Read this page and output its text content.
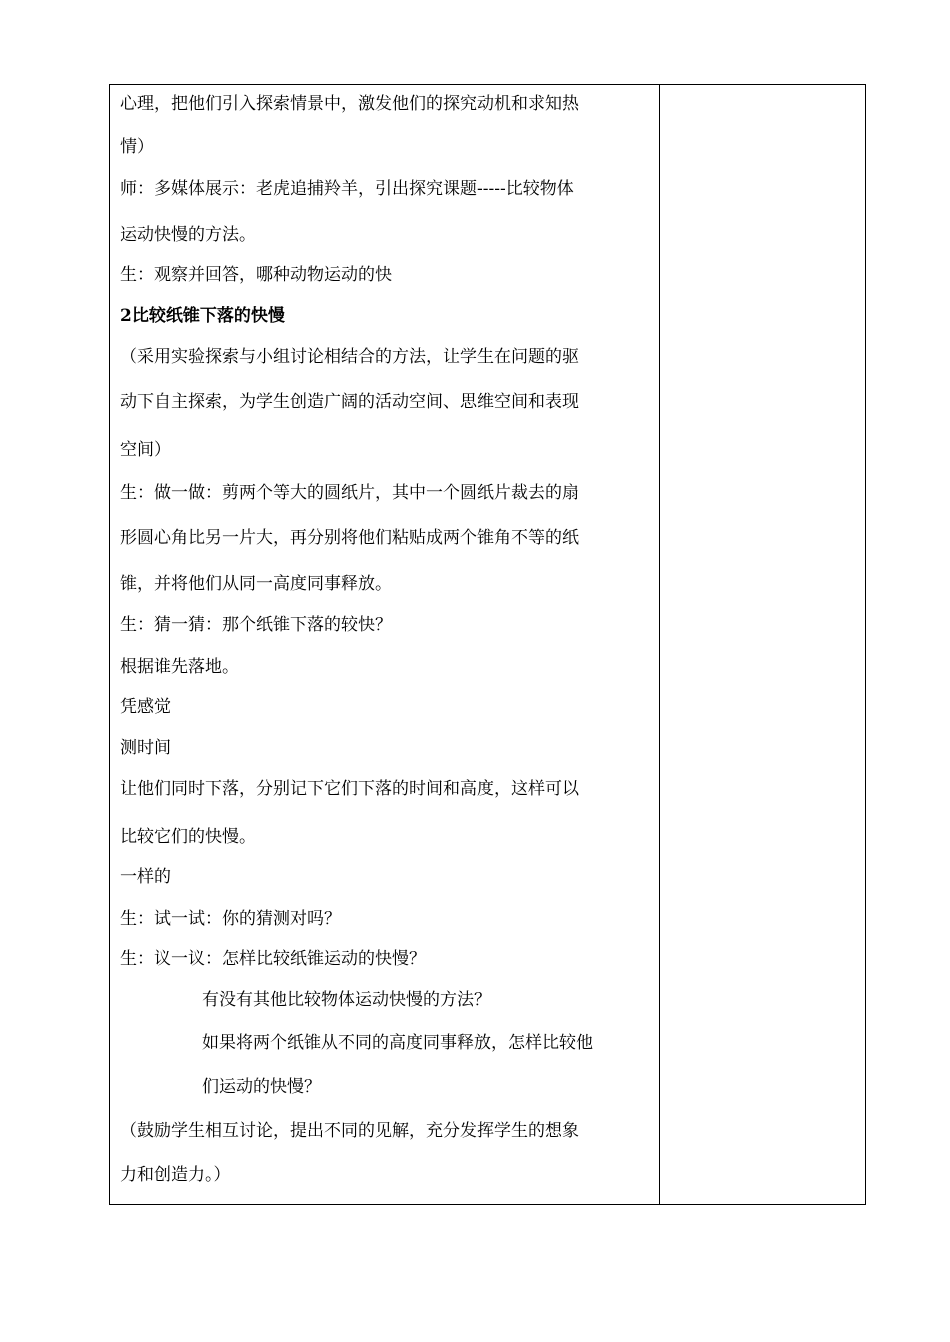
心理，把他们引入探索情景中，激发他们的探究动机和求知热
情）
师：多媒体展示：老虎追捕羚羊，引出探究课题-----比较物体
运动快慢的方法。
生：观察并回答，哪种动物运动的快
2比较纸锥下落的快慢
（采用实验探索与小组讨论相结合的方法，让学生在问题的驱
动下自主探索，为学生创造广阔的活动空间、思维空间和表现
空间）
生：做一做：剪两个等大的圆纸片，其中一个圆纸片裁去的扇
形圆心角比另一片大，再分别将他们粘贴成两个锥角不等的纸
锥，并将他们从同一高度同事释放。
生：猜一猜：那个纸锥下落的较快？
根据谁先落地。
凭感觉
测时间
让他们同时下落，分别记下它们下落的时间和高度，这样可以
比较它们的快慢。
一样的
生：试一试：你的猜测对吗？
生：议一议：怎样比较纸锥运动的快慢？
有没有其他比较物体运动快慢的方法？
如果将两个纸锥从不同的高度同事释放，怎样比较他
们运动的快慢？
（鼓励学生相互讨论，提出不同的见解，充分发挥学生的想象
力和创造力。）
